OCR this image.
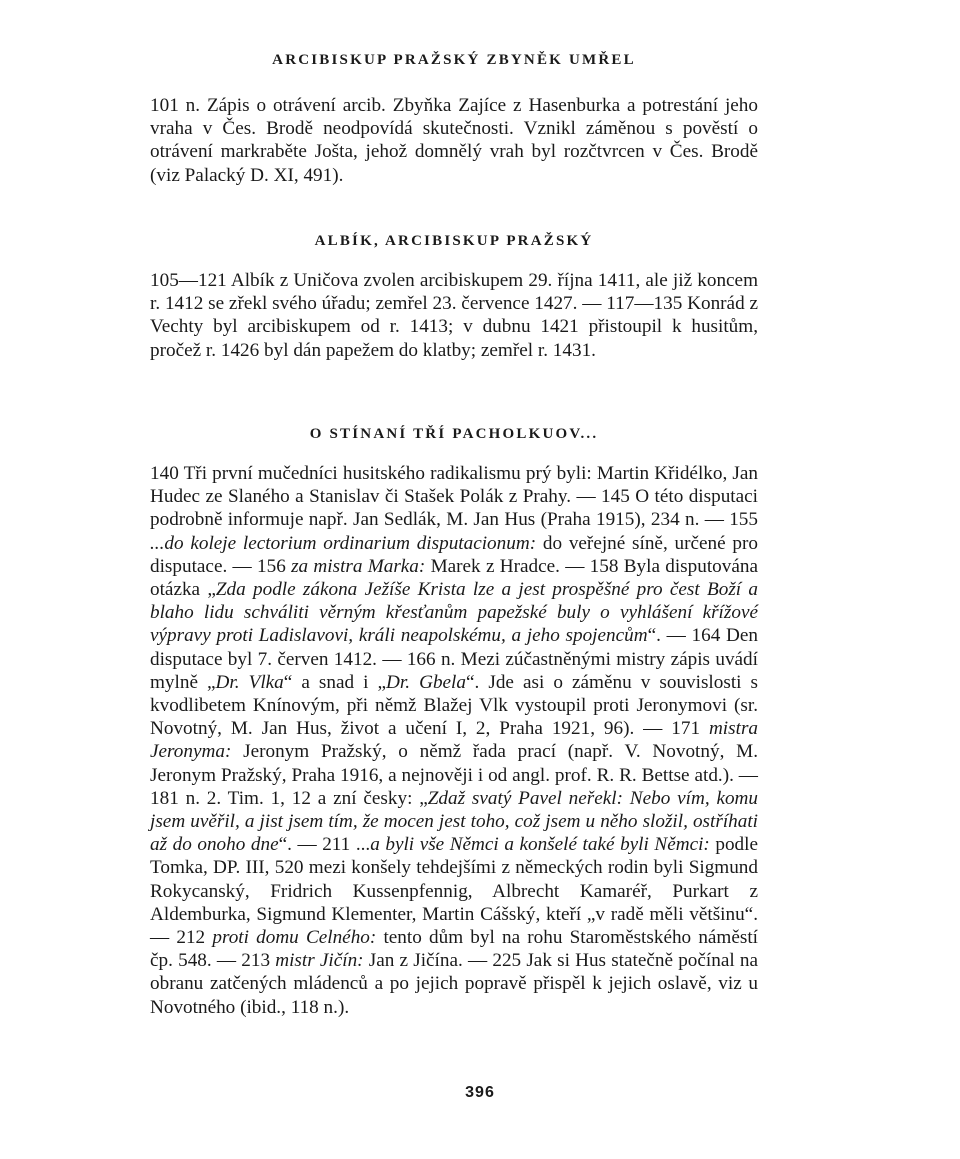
ARCIBISKUP PRAŽSKÝ ZBYNĚK UMŘEL

101 n. Zápis o otrávení arcib. Zbyňka Zajíce z Hasenburka a potrestání jeho vraha v Čes. Brodě neodpovídá skutečnosti. Vznikl záměnou s pověstí o otrávení markraběte Jošta, jehož domnělý vrah byl rozčtvrcen v Čes. Brodě (viz Palacký D. XI, 491).

ALBÍK, ARCIBISKUP PRAŽSKÝ

105—121 Albík z Uničova zvolen arcibiskupem 29. října 1411, ale již koncem r. 1412 se zřekl svého úřadu; zemřel 23. července 1427. — 117—135 Konrád z Vechty byl arcibiskupem od r. 1413; v dubnu 1421 přistoupil k husitům, pročež r. 1426 byl dán papežem do klatby; zemřel r. 1431.

O STÍNANÍ TŘÍ PACHOLKUOV...

140 Tři první mučedníci husitského radikalismu prý byli: Martin Křidélko, Jan Hudec ze Slaného a Stanislav či Stašek Polák z Prahy. — 145 O této disputaci podrobně informuje např. Jan Sedlák, M. Jan Hus (Praha 1915), 234 n. — 155 ...do koleje lectorium ordinarium disputacionum: do veřejné síně, určené pro disputace. — 156 za mistra Marka: Marek z Hradce. — 158 Byla disputována otázka „Zda podle zákona Ježíše Krista lze a jest prospěšné pro čest Boží a blaho lidu schváliti věrným křesťanům papežské buly o vyhlášení křížové výpravy proti Ladislavovi, králi neapolskému, a jeho spojencům“. — 164 Den disputace byl 7. červen 1412. — 166 n. Mezi zúčastněnými mistry zápis uvádí mylně „Dr. Vlka“ a snad i „Dr. Gbela“. Jde asi o záměnu v souvislosti s kvodlibetem Knínovým, při němž Blažej Vlk vystoupil proti Jeronymovi (sr. Novotný, M. Jan Hus, život a učení I, 2, Praha 1921, 96). — 171 mistra Jeronyma: Jeronym Pražský, o němž řada prací (např. V. Novotný, M. Jeronym Pražský, Praha 1916, a nejnověji i od angl. prof. R. R. Bettse atd.). — 181 n. 2. Tim. 1, 12 a zní česky: „Zdaž svatý Pavel neřekl: Nebo vím, komu jsem uvěřil, a jist jsem tím, že mocen jest toho, což jsem u něho složil, ostříhati až do onoho dne“. — 211 ...a byli vše Němci a konšelé také byli Němci: podle Tomka, DP. III, 520 mezi konšely tehdejšími z německých rodin byli Sigmund Rokycanský, Fridrich Kussenpfennig, Albrecht Kamaréř, Purkart z Aldemburka, Sigmund Klementer, Martin Cášský, kteří „v radě měli většinu“. — 212 proti domu Celného: tento dům byl na rohu Staroměstského náměstí čp. 548. — 213 mistr Jičín: Jan z Jičína. — 225 Jak si Hus statečně počínal na obranu zatčených mládenců a po jejich popravě přispěl k jejich oslavě, viz u Novotného (ibid., 118 n.).

396
